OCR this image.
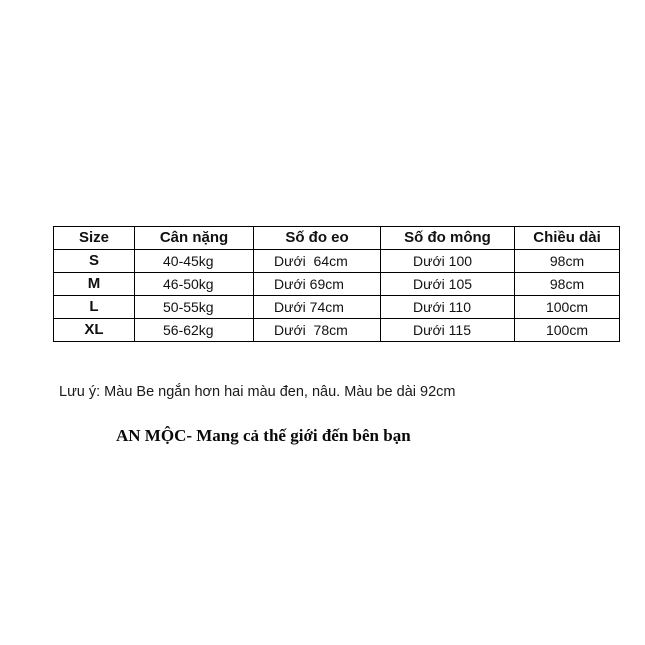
Size	Cân nặng	Số đo eo	Số đo mông	Chiều dài
S	40-45kg	Dưới  64cm	Dưới 100	98cm
M	46-50kg	Dưới 69cm	Dưới 105	98cm
L	50-55kg	Dưới 74cm	Dưới 110	100cm
XL	56-62kg	Dưới  78cm	Dưới 115	100cm
Lưu ý: Màu Be ngắn hơn hai màu đen, nâu. Màu be dài 92cm
AN MỘC- Mang cả thế giới đến bên bạn
